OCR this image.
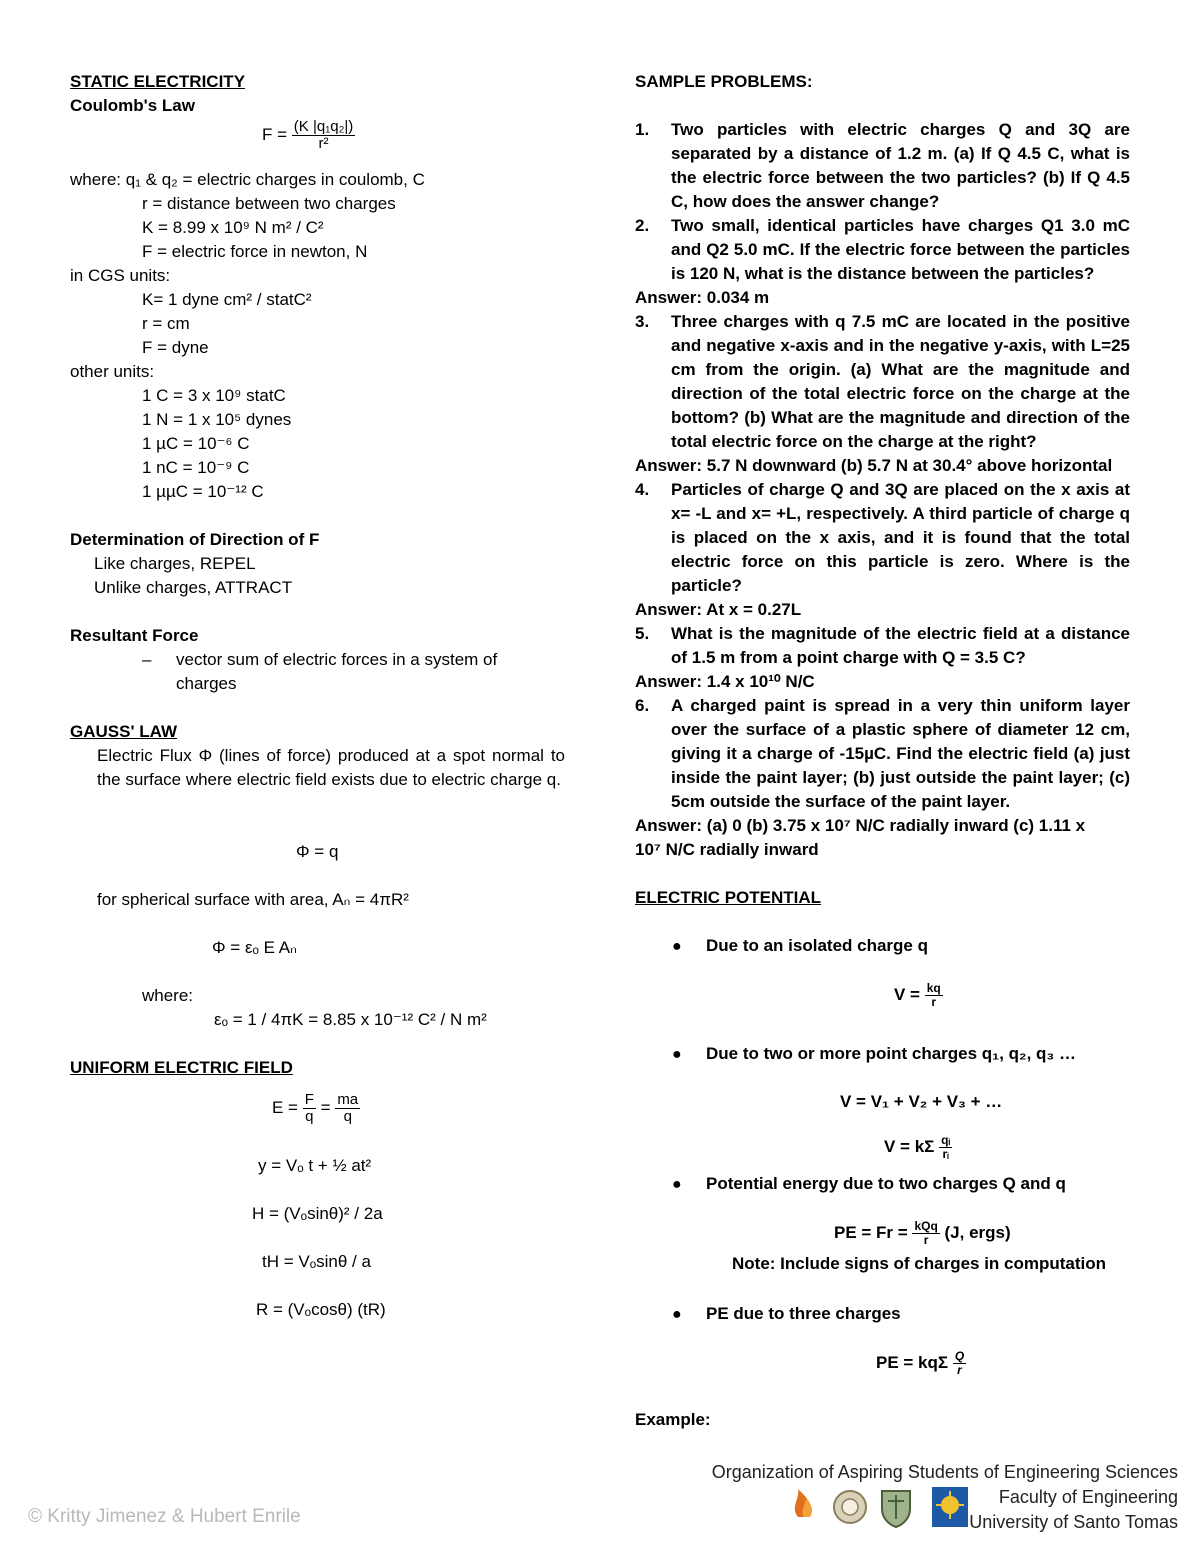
STATIC ELECTRICITY
Coulomb's Law
$F = \frac{\text{(K |q₁q₂|)}}{\text{r²}}$
where: q₁ & q₂ = electric charges in coulomb, C
r = distance between two charges
K = 8.99 x 10⁹ N m² / C²
F = electric force in newton, N
in CGS units:
K= 1 dyne cm² / statC²
r = cm
F = dyne
other units:
1 C = 3 x 10⁹ statC
1 N = 1 x 10⁵ dynes
1 µC = 10⁻⁶ C
1 nC = 10⁻⁹ C
1 µµC = 10⁻¹² C
Determination of Direction of F
Like charges, REPEL
Unlike charges, ATTRACT
Resultant Force
– vector sum of electric forces in a system of charges
GAUSS' LAW
Electric Flux Φ (lines of force) produced at a spot normal to the surface where electric field exists due to electric charge q.
Φ = q
for spherical surface with area, Aₙ = 4πR²
Φ = εₒ E Aₙ
where:
εₒ = 1 / 4πK = 8.85 x 10⁻¹² C² / N m²
UNIFORM ELECTRIC FIELD
$E = \frac{F}{q} = \frac{ma}{q}$
y = Vₒ t + ½ at²
H = (Vₒsinθ)² / 2a
tH = Vₒsinθ / a
R = (Vₒcosθ) (tR)
SAMPLE PROBLEMS:
1. Two particles with electric charges Q and 3Q are separated by a distance of 1.2 m. (a) If Q 4.5 C, what is the electric force between the two particles? (b) If Q 4.5 C, how does the answer change?
2. Two small, identical particles have charges Q1 3.0 mC and Q2 5.0 mC. If the electric force between the particles is 120 N, what is the distance between the particles?
Answer: 0.034 m
3. Three charges with q 7.5 mC are located in the positive and negative x-axis and in the negative y-axis, with L=25 cm from the origin. (a) What are the magnitude and direction of the total electric force on the charge at the bottom? (b) What are the magnitude and direction of the total electric force on the charge at the right?
Answer: 5.7 N downward (b) 5.7 N at 30.4° above horizontal
4. Particles of charge Q and 3Q are placed on the x axis at x= -L and x= +L, respectively. A third particle of charge q is placed on the x axis, and it is found that the total electric force on this particle is zero. Where is the particle?
Answer: At x = 0.27L
5. What is the magnitude of the electric field at a distance of 1.5 m from a point charge with Q = 3.5 C?
Answer: 1.4 x 10¹⁰ N/C
6. A charged paint is spread in a very thin uniform layer over the surface of a plastic sphere of diameter 12 cm, giving it a charge of -15µC. Find the electric field (a) just inside the paint layer; (b) just outside the paint layer; (c) 5cm outside the surface of the paint layer.
Answer: (a) 0 (b) 3.75 x 10⁷ N/C radially inward (c) 1.11 x 10⁷ N/C radially inward
ELECTRIC POTENTIAL
● Due to an isolated charge q
$V = \frac{kq}{r}$
● Due to two or more point charges q₁, q₂, q₃ …
V = V₁ + V₂ + V₃ + …
V = kΣ $\frac{\text{qᵢ}}{\text{rᵢ}}$
● Potential energy due to two charges Q and q
PE = $Fr = \frac{\text{kQq}}{r} (J$, ergs)
Note: Include signs of charges in computation
● PE due to three charges
PE = kqΣ $\frac{Q}{r}$
Example:
© Kritty Jimenez & Hubert Enrile
Organization of Aspiring Students of Engineering Sciences
Faculty of Engineering
University of Santo Tomas
